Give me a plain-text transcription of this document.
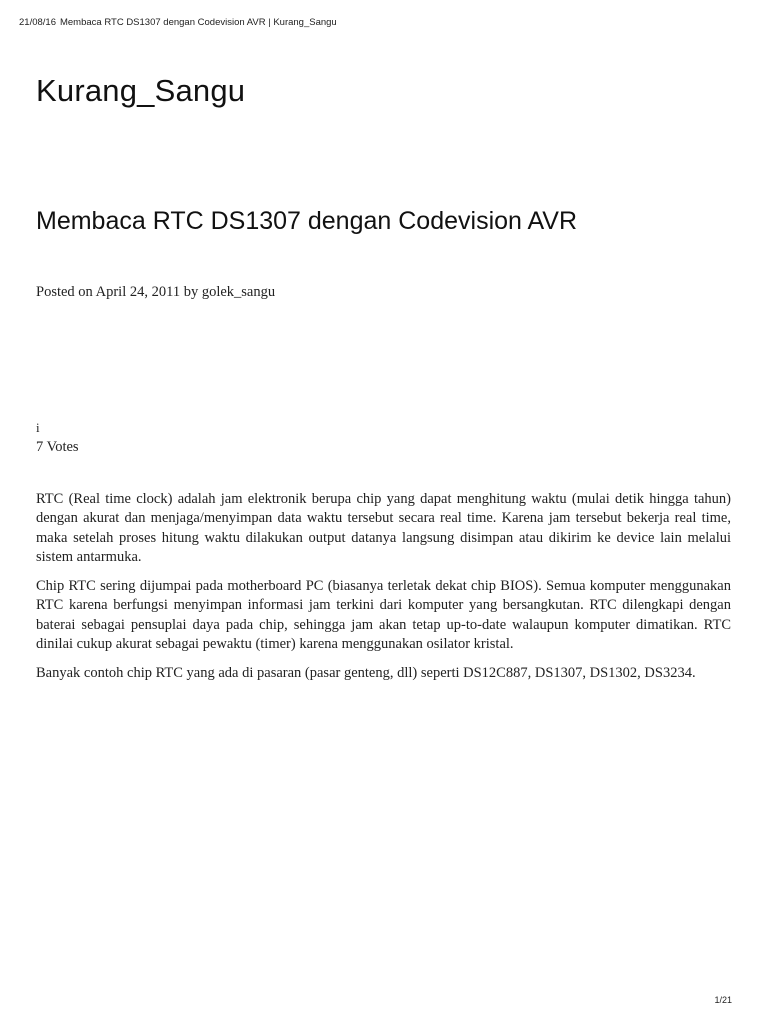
21/08/16 Membaca RTC DS1307 dengan Codevision AVR | Kurang_Sangu
Kurang_Sangu
Membaca RTC DS1307 dengan Codevision AVR
Posted on April 24, 2011 by golek_sangu
i
7 Votes

RTC (Real time clock) adalah jam elektronik berupa chip yang dapat menghitung waktu (mulai detik hingga tahun) dengan akurat dan menjaga/menyimpan data waktu tersebut secara real time. Karena jam tersebut bekerja real time, maka setelah proses hitung waktu dilakukan output datanya langsung disimpan atau dikirim ke device lain melalui sistem antarmuka.

Chip RTC sering dijumpai pada motherboard PC (biasanya terletak dekat chip BIOS). Semua komputer menggunakan RTC karena berfungsi menyimpan informasi jam terkini dari komputer yang bersangkutan. RTC dilengkapi dengan baterai sebagai pensuplai daya pada chip, sehingga jam akan tetap up-to-date walaupun komputer dimatikan. RTC dinilai cukup akurat sebagai pewaktu (timer) karena menggunakan osilator kristal.

Banyak contoh chip RTC yang ada di pasaran (pasar genteng, dll) seperti DS12C887, DS1307, DS1302, DS3234.

1/21
